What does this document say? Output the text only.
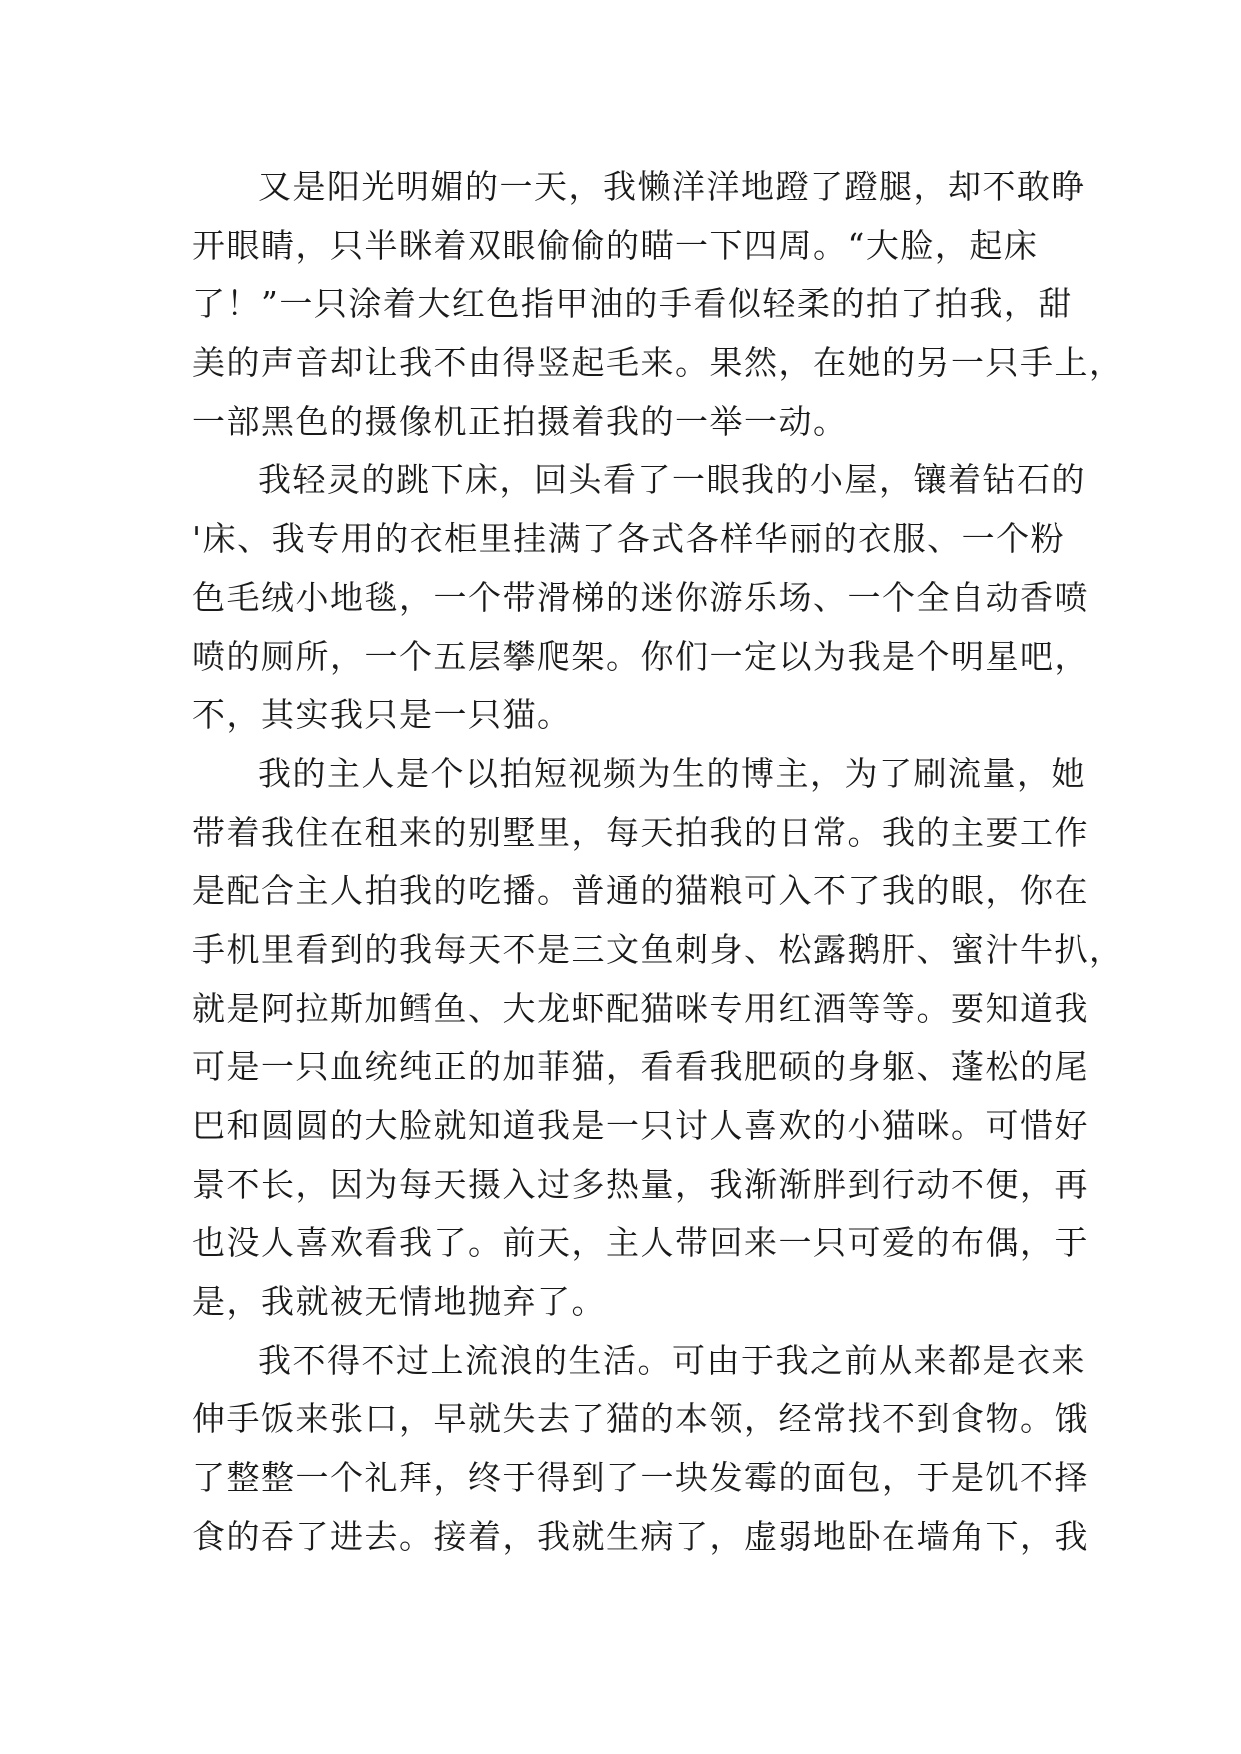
又是阳光明媚的一天，我懒洋洋地蹬了蹬腿，却不敢睁
开眼睛，只半眯着双眼偷偷的瞄一下四周。“大脸，起床
了！”一只涂着大红色指甲油的手看似轻柔的拍了拍我，甜
美的声音却让我不由得竖起毛来。果然，在她的另一只手上，
一部黑色的摄像机正拍摄着我的一举一动。
我轻灵的跳下床，回头看了一眼我的小屋，镶着钻石的
'床、我专用的衣柜里挂满了各式各样华丽的衣服、一个粉
色毛绒小地毯，一个带滑梯的迷你游乐场、一个全自动香喷
喷的厕所，一个五层攀爬架。你们一定以为我是个明星吧，
不，其实我只是一只猫。
我的主人是个以拍短视频为生的博主，为了刷流量，她
带着我住在租来的别墅里，每天拍我的日常。我的主要工作
是配合主人拍我的吃播。普通的猫粮可入不了我的眼，你在
手机里看到的我每天不是三文鱼刺身、松露鹅肝、蜜汁牛扒，
就是阿拉斯加鳕鱼、大龙虾配猫咪专用红酒等等。要知道我
可是一只血统纯正的加菲猫，看看我肥硕的身躯、蓬松的尾
巴和圆圆的大脸就知道我是一只讨人喜欢的小猫咪。可惜好
景不长，因为每天摄入过多热量，我渐渐胖到行动不便，再
也没人喜欢看我了。前天，主人带回来一只可爱的布偶，于
是，我就被无情地抛弃了。
我不得不过上流浪的生活。可由于我之前从来都是衣来
伸手饭来张口，早就失去了猫的本领，经常找不到食物。饿
了整整一个礼拜，终于得到了一块发霉的面包，于是饥不择
食的吞了进去。接着，我就生病了，虚弱地卧在墙角下，我
